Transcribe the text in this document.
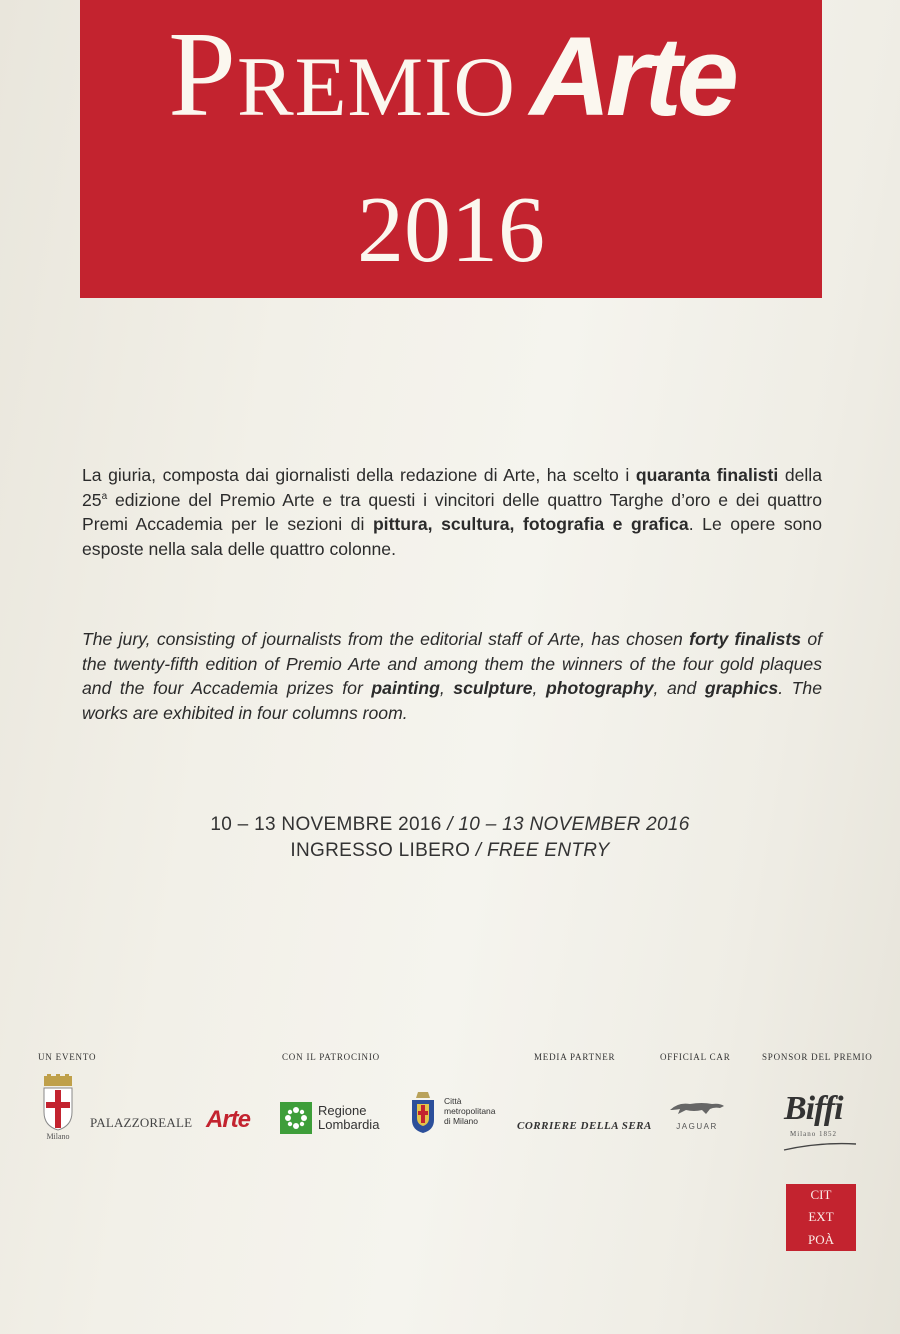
Premio Arte
2016
La giuria, composta dai giornalisti della redazione di Arte, ha scelto i quaranta finalisti della 25$^a$ edizione del Premio Arte e tra questi i vincitori delle quattro Targhe d’oro e dei quattro Premi Accademia per le sezioni di pittura, scultura, fotografia e grafica. Le opere sono esposte nella sala delle quattro colonne.
The jury, consisting of journalists from the editorial staff of Arte, has chosen forty finalists of the twenty-fifth edition of Premio Arte and among them the winners of the four gold plaques and the four Accademia prizes for painting, sculpture, photography, and graphics. The works are exhibited in four columns room.
10 – 13 NOVEMBRE 2016 / 10 – 13 NOVEMBER 2016
INGRESSO LIBERO / FREE ENTRY
UN EVENTO	CON IL PATROCINIO	MEDIA PARTNER	OFFICIAL CAR	SPONSOR DEL PREMIO
Milano
PALAZZOREALE Arte	Regione
Lombardia
Città
metropolitana
di Milano	CORRIERE DELLA SERA	JAGUAR	Biffi
Milano 1852
CIT
EXT
POÀ
